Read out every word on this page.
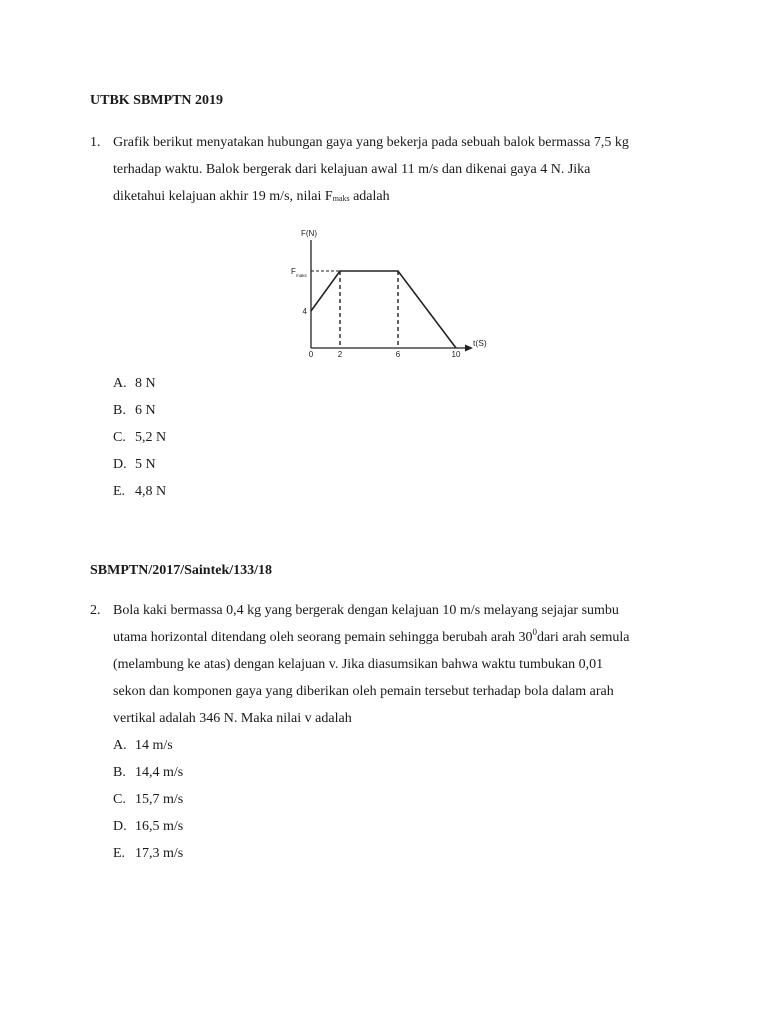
UTBK SBMPTN 2019
1. Grafik berikut menyatakan hubungan gaya yang bekerja pada sebuah balok bermassa 7,5 kg
terhadap waktu. Balok bergerak dari kelajuan awal 11 m/s dan dikenai gaya 4 N. Jika
diketahui kelajuan akhir 19 m/s, nilai $F_{maks}$ adalah
F(N)
F maks
4
0	2	6	10
t(S)
A. 8 N
B. 6 N
C. 5,2 N
D. 5 N
E. 4,8 N
SBMPTN/2017/Saintek/133/18
2. Bola kaki bermassa 0,4 kg yang bergerak dengan kelajuan 10 m/s melayang sejajar sumbu
utama horizontal ditendang oleh seorang pemain sehingga berubah arah $30^0dari$ arah semula
(melambung ke atas) dengan kelajuan v. Jika diasumsikan bahwa waktu tumbukan 0,01
sekon dan komponen gaya yang diberikan oleh pemain tersebut terhadap bola dalam arah
vertikal adalah 346 N. Maka nilai v adalah
A. 14 m/s
B. 14,4 m/s
C. 15,7 m/s
D. 16,5 m/s
E. 17,3 m/s
